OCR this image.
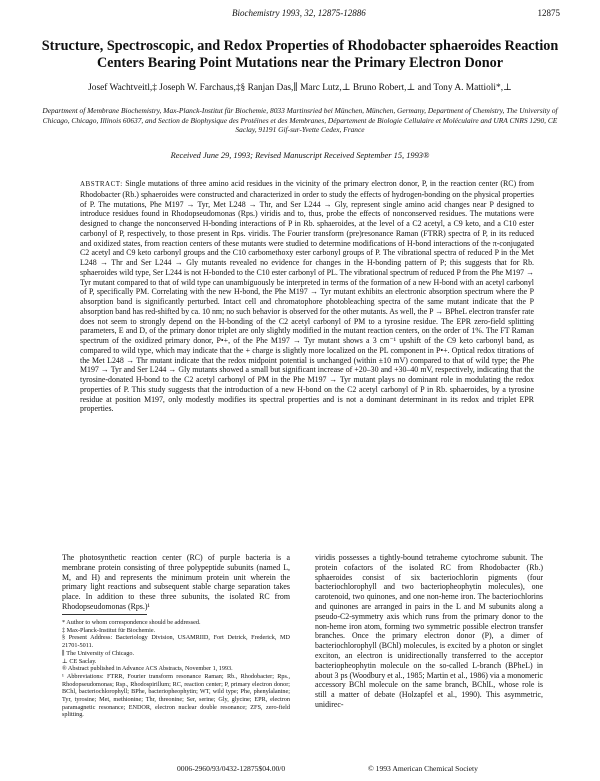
Biochemistry 1993, 32, 12875-12886	12875
Structure, Spectroscopic, and Redox Properties of Rhodobacter sphaeroides Reaction Centers Bearing Point Mutations near the Primary Electron Donor
Josef Wachtveitl,‡ Joseph W. Farchaus,‡§ Ranjan Das,∥ Marc Lutz,⊥ Bruno Robert,⊥ and Tony A. Mattioli*,⊥
Department of Membrane Biochemistry, Max-Planck-Institut für Biochemie, 8033 Martinsried bei München, München, Germany, Department of Chemistry, The University of Chicago, Chicago, Illinois 60637, and Section de Biophysique des Protéines et des Membranes, Département de Biologie Cellulaire et Moléculaire and URA CNRS 1290, CE Saclay, 91191 Gif-sur-Yvette Cedex, France
Received June 29, 1993; Revised Manuscript Received September 15, 1993®
ABSTRACT: Single mutations of three amino acid residues in the vicinity of the primary electron donor, P, in the reaction center (RC) from Rhodobacter (Rb.) sphaeroides were constructed and characterized in order to study the effects of hydrogen-bonding on the physical properties of P. The mutations, Phe M197 → Tyr, Met L248 → Thr, and Ser L244 → Gly, represent single amino acid changes near P designed to introduce residues found in Rhodopseudomonas (Rps.) viridis and to, thus, probe the effects of nonconserved residues. The mutations were designed to change the nonconserved H-bonding interactions of P in Rb. sphaeroides, at the level of a C2 acetyl, a C9 keto, and a C10 ester carbonyl of P, respectively, to those present in Rps. viridis. The Fourier transform (pre)resonance Raman (FTRR) spectra of P, in its reduced and oxidized states, from reaction centers of these mutants were studied to determine modifications of H-bond interactions of the π-conjugated C2 acetyl and C9 keto carbonyl groups and the C10 carbomethoxy ester carbonyl groups of P. The vibrational spectra of reduced P in the Met L248 → Thr and Ser L244 → Gly mutants revealed no evidence for changes in the H-bonding pattern of P; this suggests that for Rb. sphaeroides wild type, Ser L244 is not H-bonded to the C10 ester carbonyl of PL. The vibrational spectrum of reduced P from the Phe M197 → Tyr mutant compared to that of wild type can unambiguously be interpreted in terms of the formation of a new H-bond with an acetyl carbonyl of P, specifically PM. Correlating with the new H-bond, the Phe M197 → Tyr mutant exhibits an electronic absorption spectrum where the P absorption band is significantly perturbed. Intact cell and chromatophore photobleaching spectra of the same mutant indicate that the P absorption band has red-shifted by ca. 10 nm; no such behavior is observed for the other mutants. As well, the P → BPheL electron transfer rate does not seem to strongly depend on the H-bonding of the C2 acetyl carbonyl of PM to a tyrosine residue. The EPR zero-field splitting parameters, E and D, of the primary donor triplet are only slightly modified in the mutant reaction centers, on the order of 1%. The FT Raman spectrum of the oxidized primary donor, P•+, of the Phe M197 → Tyr mutant shows a 3 cm⁻¹ upshift of the C9 keto carbonyl band, as compared to wild type, which may indicate that the + charge is slightly more localized on the PL component in P•+. Optical redox titrations of the Met L248 → Thr mutant indicate that the redox midpoint potential is unchanged (within ±10 mV) compared to that of wild type; the Phe M197 → Tyr and Ser L244 → Gly mutants showed a small but significant increase of +20–30 and +30–40 mV, respectively, indicating that the tyrosine-donated H-bond to the C2 acetyl carbonyl of PM in the Phe M197 → Tyr mutant plays no dominant role in modulating the redox properties of P. This study suggests that the introduction of a new H-bond on the C2 acetyl carbonyl of P in Rb. sphaeroides, by a tyrosine residue at position M197, only modestly modifies its spectral properties and is not a dominant determinant in its redox and triplet EPR properties.
The photosynthetic reaction center (RC) of purple bacteria is a membrane protein consisting of three polypeptide subunits (named L, M, and H) and represents the minimum protein unit wherein the primary light reactions and subsequent stable charge separation takes place. In addition to these three subunits, the isolated RC from Rhodopseudomonas (Rps.)¹
* Author to whom correspondence should be addressed.
‡ Max-Planck-Institut für Biochemie.
§ Present Address: Bacteriology Division, USAMRIID, Fort Detrick, Frederick, MD 21701-5011.
∥ The University of Chicago.
⊥ CE Saclay.
® Abstract published in Advance ACS Abstracts, November 1, 1993.
¹ Abbreviations: FTRR, Fourier transform resonance Raman; Rb., Rhodobacter; Rps., Rhodopseudomonas; Rsp., Rhodospirillum; RC, reaction center; P, primary electron donor; BChl, bacteriochlorophyll; BPhe, bacteriopheophytin; WT, wild type; Phe, phenylalanine; Tyr, tyrosine; Met, methionine; Thr, threonine; Ser, serine; Gly, glycine; EPR, electron paramagnetic resonance; ENDOR, electron nuclear double resonance; ZFS, zero-field splitting.
viridis possesses a tightly-bound tetraheme cytochrome subunit. The protein cofactors of the isolated RC from Rhodobacter (Rb.) sphaeroides consist of six bacteriochlorin pigments (four bacteriochlorophyll and two bacteriopheophytin molecules), one carotenoid, two quinones, and one non-heme iron. The bacteriochlorins and quinones are arranged in pairs in the L and M subunits along a pseudo-C2-symmetry axis which runs from the primary donor to the non-heme iron atom, forming two symmetric possible electron transfer branches. Once the primary electron donor (P), a dimer of bacteriochlorophyll (BChl) molecules, is excited by a photon or singlet exciton, an electron is unidirectionally transferred to the acceptor bacteriopheophytin molecule on the so-called L-branch (BPheL) in about 3 ps (Woodbury et al., 1985; Martin et al., 1986) via a monomeric accessory BChl molecule on the same branch, BChlL, whose role is still a matter of debate (Holzapfel et al., 1990). This asymmetric, unidirec-
0006-2960/93/0432-12875$04.00/0	© 1993 American Chemical Society
